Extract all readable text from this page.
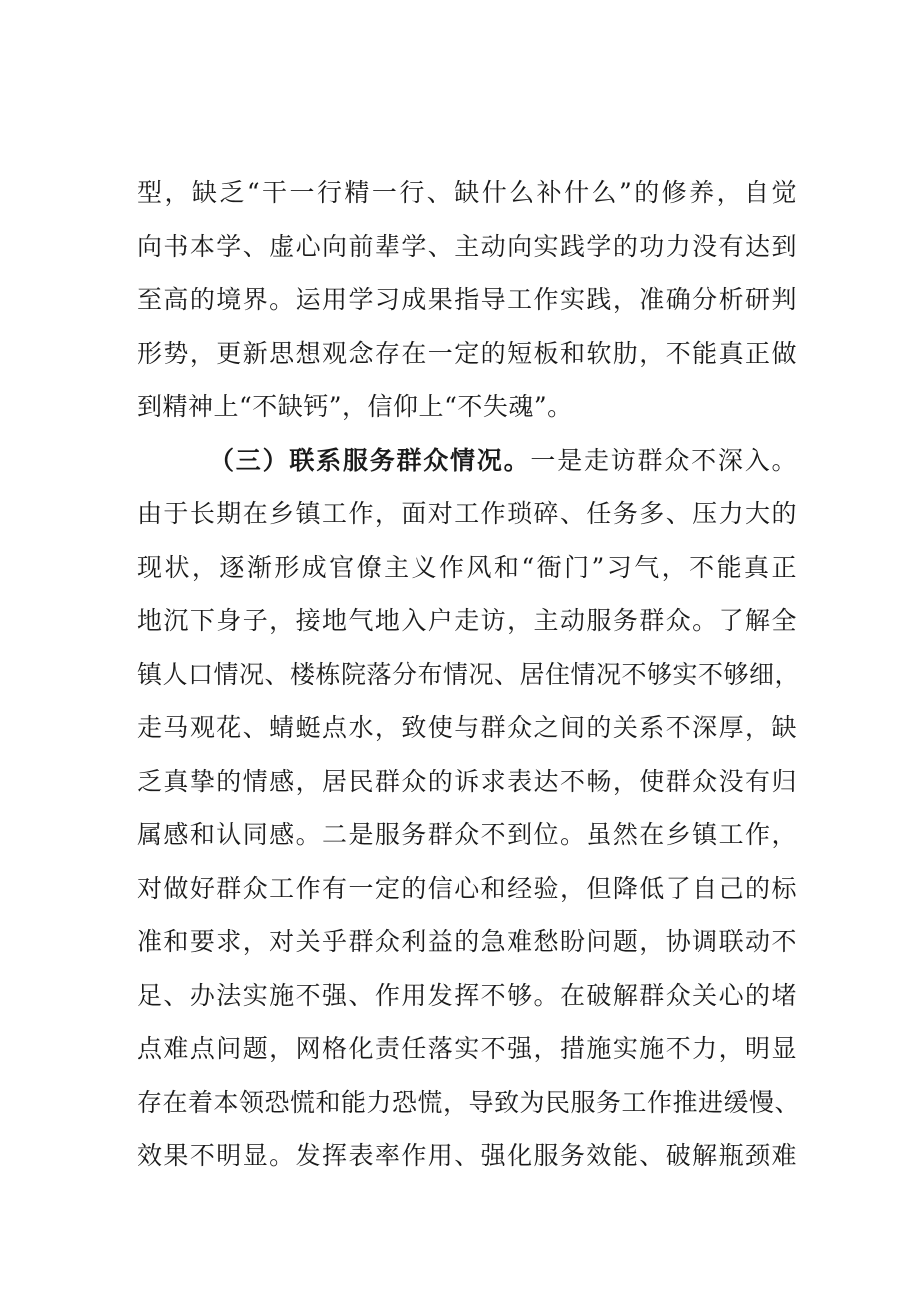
型，缺乏“干一行精一行、缺什么补什么”的修养，自觉
向书本学、虚心向前辈学、主动向实践学的功力没有达到
至高的境界。运用学习成果指导工作实践，准确分析研判
形势，更新思想观念存在一定的短板和软肋，不能真正做
到精神上“不缺钙”，信仰上“不失魂”。
（三）联系服务群众情况。一是走访群众不深入。
由于长期在乡镇工作，面对工作琐碎、任务多、压力大的
现状，逐渐形成官僚主义作风和“衙门”习气，不能真正
地沉下身子，接地气地入户走访，主动服务群众。了解全
镇人口情况、楼栋院落分布情况、居住情况不够实不够细，
走马观花、蜻蜓点水，致使与群众之间的关系不深厚，缺
乏真挚的情感，居民群众的诉求表达不畅，使群众没有归
属感和认同感。二是服务群众不到位。虽然在乡镇工作，
对做好群众工作有一定的信心和经验，但降低了自己的标
准和要求，对关乎群众利益的急难愁盼问题，协调联动不
足、办法实施不强、作用发挥不够。在破解群众关心的堵
点难点问题，网格化责任落实不强，措施实施不力，明显
存在着本领恐慌和能力恐慌，导致为民服务工作推进缓慢、
效果不明显。发挥表率作用、强化服务效能、破解瓶颈难
